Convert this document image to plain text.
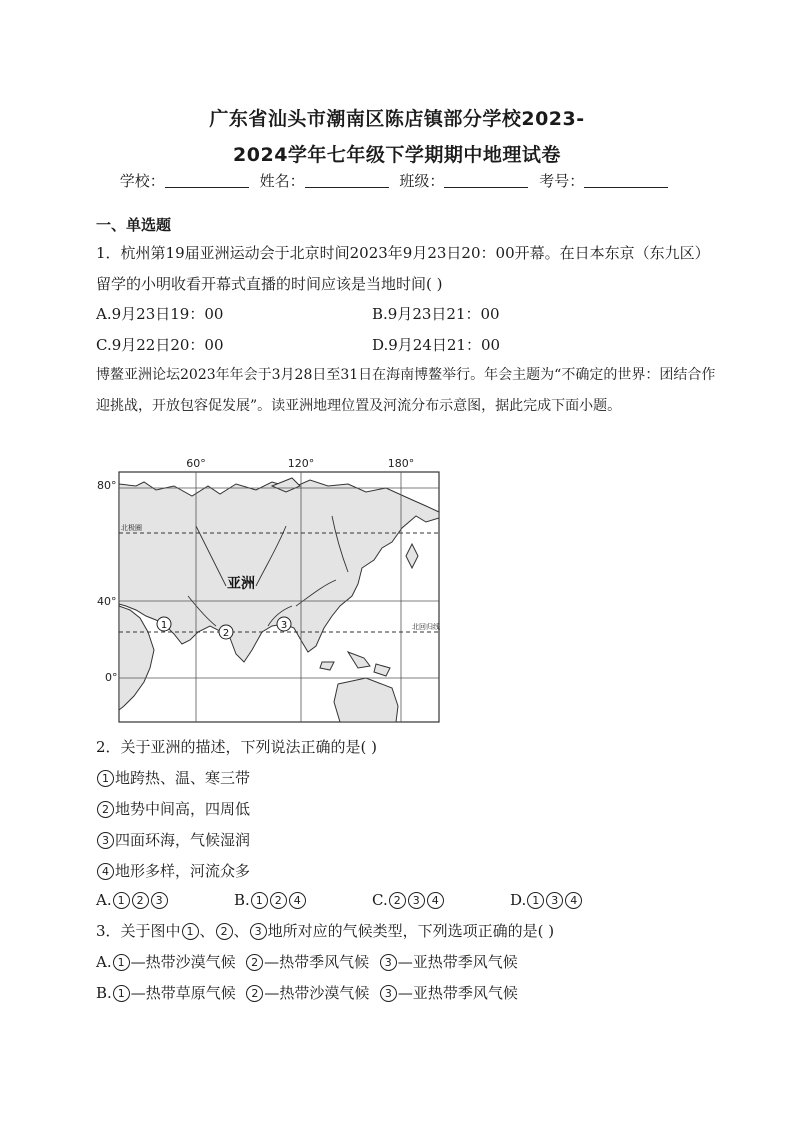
广东省汕头市潮南区陈店镇部分学校2023-
2024学年七年级下学期期中地理试卷
学校：	姓名：	班级：	考号：
一、单选题
1．杭州第19届亚洲运动会于北京时间2023年9月23日20：00开幕。在日本东京（东九区）留学的小明收看开幕式直播的时间应该是当地时间( )
A.9月23日19：00	B.9月23日21：00
C.9月22日20：00	D.9月24日21：00
博鳌亚洲论坛2023年年会于3月28日至31日在海南博鳌举行。年会主题为“不确定的世界：团结合作迎挑战，开放包容促发展”。读亚洲地理位置及河流分布示意图，据此完成下面小题。
60°	120°	180°
80°
40°
0°
北极圈
北回归线
亚洲
1
2
3
2．关于亚洲的描述，下列说法正确的是( )
1 地跨热、温、寒三带
2 地势中间高，四周低
3 四面环海，气候湿润
4 地形多样，河流众多
A. 1 2 3	B. 1 2 4	C. 2 3 4	D. 1 3 4
3．关于图中 1 、 2 、 3 地所对应的气候类型，下列选项正确的是( )
A. 1 —热带沙漠气候 2 —热带季风气候 3 —亚热带季风气候
B. 1 —热带草原气候 2 —热带沙漠气候 3 —亚热带季风气候
